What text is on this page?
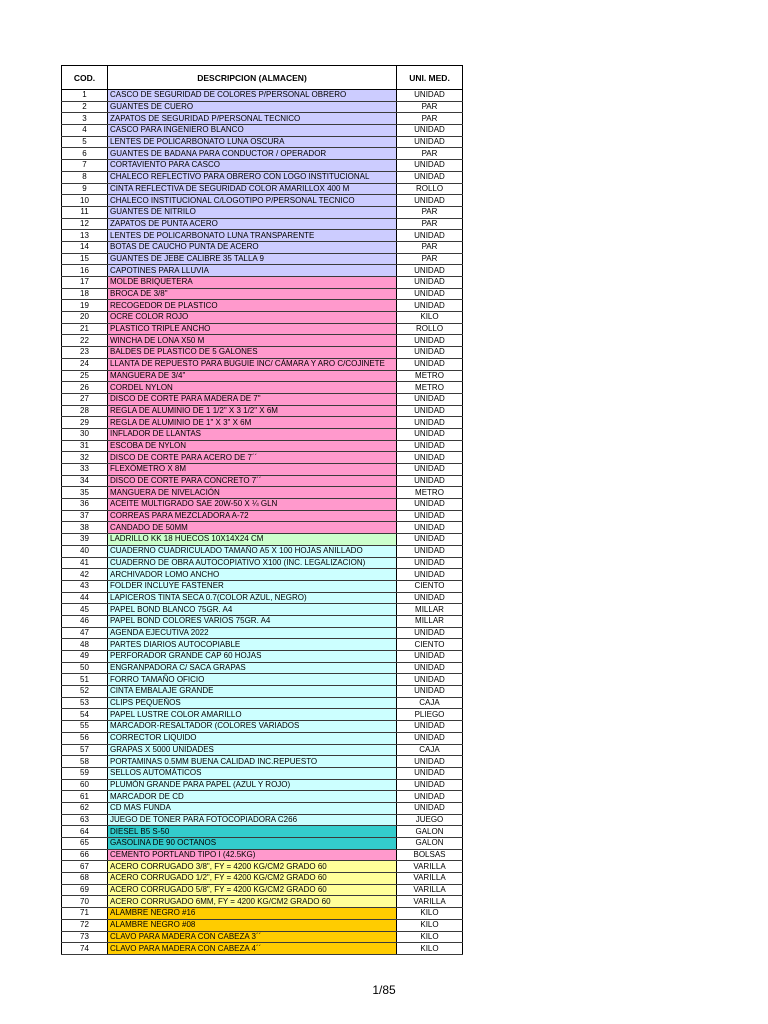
COD.	DESCRIPCION (ALMACEN)	UNI. MED.
1	CASCO DE SEGURIDAD DE COLORES P/PERSONAL OBRERO	UNIDAD
2	GUANTES DE CUERO	PAR
3	ZAPATOS DE SEGURIDAD P/PERSONAL TECNICO	PAR
4	CASCO PARA INGENIERO BLANCO	UNIDAD
5	LENTES DE POLICARBONATO LUNA OSCURA	UNIDAD
6	GUANTES DE BADANA PARA CONDUCTOR / OPERADOR	PAR
7	CORTAVIENTO PARA CASCO	UNIDAD
8	CHALECO REFLECTIVO PARA OBRERO CON LOGO INSTITUCIONAL	UNIDAD
9	CINTA REFLECTIVA DE SEGURIDAD COLOR AMARILLOX 400 M	ROLLO
10	CHALECO INSTITUCIONAL C/LOGOTIPO P/PERSONAL TECNICO	UNIDAD
11	GUANTES DE NITRILO	PAR
12	ZAPATOS DE PUNTA ACERO	PAR
13	LENTES DE POLICARBONATO LUNA TRANSPARENTE	UNIDAD
14	BOTAS DE CAUCHO PUNTA DE ACERO	PAR
15	GUANTES DE JEBE CALIBRE 35 TALLA 9	PAR
16	CAPOTINES PARA LLUVIA	UNIDAD
17	MOLDE BRIQUETERA	UNIDAD
18	BROCA DE 3/8"	UNIDAD
19	RECOGEDOR DE PLASTICO	UNIDAD
20	OCRE COLOR ROJO	KILO
21	PLASTICO TRIPLE ANCHO	ROLLO
22	WINCHA DE LONA X50 M	UNIDAD
23	BALDES DE PLASTICO DE 5 GALONES	UNIDAD
24	LLANTA DE REPUESTO PARA BUGUIE INC/ CÁMARA Y ARO C/COJINETE	UNIDAD
25	MANGUERA DE 3/4"	METRO
26	CORDEL NYLON	METRO
27	DISCO DE CORTE PARA MADERA DE 7"	UNIDAD
28	REGLA DE ALUMINIO DE 1 1/2" X 3 1/2" X 6M	UNIDAD
29	REGLA DE ALUMINIO DE 1" X 3" X 6M	UNIDAD
30	INFLADOR DE LLANTAS	UNIDAD
31	ESCOBA DE NYLON	UNIDAD
32	DISCO DE CORTE PARA ACERO DE 7´´	UNIDAD
33	FLEXÓMETRO X 8M	UNIDAD
34	DISCO DE CORTE PARA CONCRETO 7´´	UNIDAD
35	MANGUERA DE NIVELACIÓN	METRO
36	ACEITE MULTIGRADO SAE 20W-50 X ¼ GLN	UNIDAD
37	CORREAS PARA MEZCLADORA A-72	UNIDAD
38	CANDADO DE 50MM	UNIDAD
39	LADRILLO KK 18 HUECOS 10X14X24 CM	UNIDAD
40	CUADERNO CUADRICULADO TAMAÑO A5 X 100 HOJAS ANILLADO	UNIDAD
41	CUADERNO DE OBRA AUTOCOPIATIVO X100 (INC. LEGALIZACION)	UNIDAD
42	ARCHIVADOR LOMO ANCHO	UNIDAD
43	FOLDER INCLUYE FASTENER	CIENTO
44	LAPICEROS TINTA SECA 0.7(COLOR AZUL, NEGRO)	UNIDAD
45	PAPEL BOND BLANCO 75GR. A4	MILLAR
46	PAPEL BOND COLORES VARIOS 75GR. A4	MILLAR
47	AGENDA EJECUTIVA 2022	UNIDAD
48	PARTES DIARIOS AUTOCOPIABLE	CIENTO
49	PERFORADOR GRANDE CAP 60 HOJAS	UNIDAD
50	ENGRANPADORA C/ SACA GRAPAS	UNIDAD
51	FORRO TAMAÑO OFICIO	UNIDAD
52	CINTA EMBALAJE GRANDE	UNIDAD
53	CLIPS PEQUEÑOS	CAJA
54	PAPEL LUSTRE COLOR AMARILLO	PLIEGO
55	MARCADOR-RESALTADOR (COLORES VARIADOS	UNIDAD
56	CORRECTOR LIQUIDO	UNIDAD
57	GRAPAS X 5000 UNIDADES	CAJA
58	PORTAMINAS 0.5MM BUENA CALIDAD INC.REPUESTO	UNIDAD
59	SELLOS AUTOMÁTICOS	UNIDAD
60	PLUMÓN GRANDE PARA PAPEL (AZUL Y ROJO)	UNIDAD
61	MARCADOR DE CD	UNIDAD
62	CD MAS FUNDA	UNIDAD
63	JUEGO DE TONER PARA FOTOCOPIADORA C266	JUEGO
64	DIESEL B5 S-50	GALON
65	GASOLINA DE 90 OCTANOS	GALON
66	CEMENTO PORTLAND TIPO I (42.5KG)	BOLSAS
67	ACERO CORRUGADO 3/8", FY = 4200 KG/CM2 GRADO 60	VARILLA
68	ACERO CORRUGADO 1/2", FY = 4200 KG/CM2 GRADO 60	VARILLA
69	ACERO CORRUGADO 5/8", FY = 4200 KG/CM2 GRADO 60	VARILLA
70	ACERO CORRUGADO 6MM, FY = 4200 KG/CM2 GRADO 60	VARILLA
71	ALAMBRE NEGRO #16	KILO
72	ALAMBRE NEGRO #08	KILO
73	CLAVO PARA MADERA CON CABEZA 3´´	KILO
74	CLAVO PARA MADERA CON CABEZA 4´´	KILO
1/85
